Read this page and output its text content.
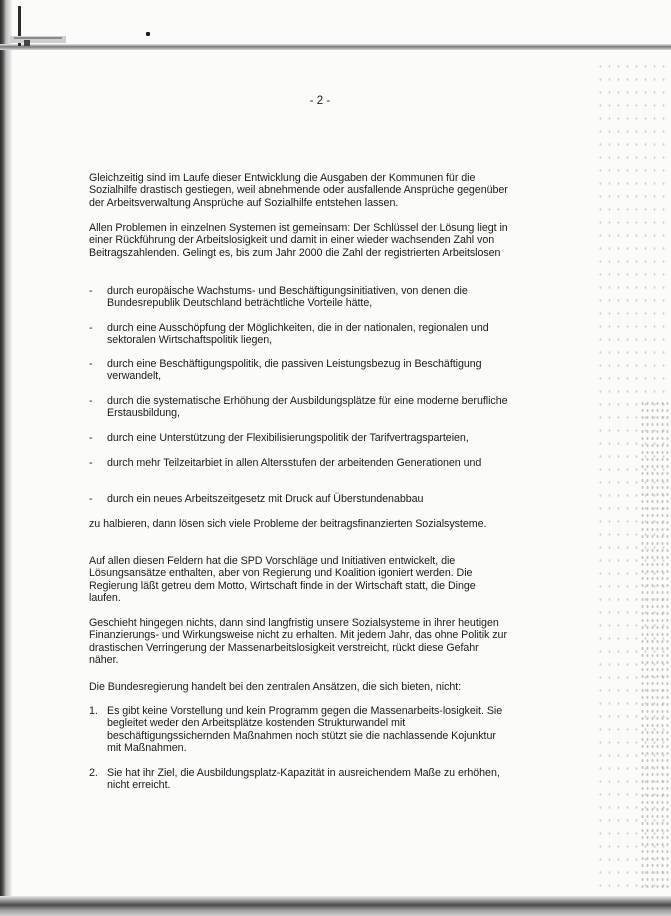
- 2 -

Gleichzeitig sind im Laufe dieser Entwicklung die Ausgaben der Kommunen für die Sozialhilfe drastisch gestiegen, weil abnehmende oder ausfallende Ansprüche gegenüber der Arbeitsverwaltung Ansprüche auf Sozialhilfe entstehen lassen.

Allen Problemen in einzelnen Systemen ist gemeinsam: Der Schlüssel der Lösung liegt in einer Rückführung der Arbeitslosigkeit und damit in einer wieder wachsenden Zahl von Beitragszahlenden. Gelingt es, bis zum Jahr 2000 die Zahl der registrierten Arbeitslosen

- durch europäische Wachstums- und Beschäftigungsinitiativen, von denen die Bundesrepublik Deutschland beträchtliche Vorteile hätte,
- durch eine Ausschöpfung der Möglichkeiten, die in der nationalen, regionalen und sektoralen Wirtschaftspolitik liegen,
- durch eine Beschäftigungspolitik, die passiven Leistungsbezug in Beschäftigung verwandelt,
- durch die systematische Erhöhung der Ausbildungsplätze für eine moderne berufliche Erstausbildung,
- durch eine Unterstützung der Flexibilisierungspolitik der Tarifvertragsparteien,
- durch mehr Teilzeitarbiet in allen Altersstufen der arbeitenden Generationen und
- durch ein neues Arbeitszeitgesetz mit Druck auf Überstundenabbau

zu halbieren, dann lösen sich viele Probleme der beitragsfinanzierten Sozialsysteme.

Auf allen diesen Feldern hat die SPD Vorschläge und Initiativen entwickelt, die Lösungsansätze enthalten, aber von Regierung und Koalition igoniert werden. Die Regierung läßt getreu dem Motto, Wirtschaft finde in der Wirtschaft statt, die Dinge laufen.

Geschieht hingegen nichts, dann sind langfristig unsere Sozialsysteme in ihrer heutigen Finanzierungs- und Wirkungsweise nicht zu erhalten. Mit jedem Jahr, das ohne Politik zur drastischen Verringerung der Massenarbeitslosigkeit verstreicht, rückt diese Gefahr näher.

Die Bundesregierung handelt bei den zentralen Ansätzen, die sich bieten, nicht:

1. Es gibt keine Vorstellung und kein Programm gegen die Massenarbeits-losigkeit. Sie begleitet weder den Arbeitsplätze kostenden Strukturwandel mit beschäftigungssichernden Maßnahmen noch stützt sie die nachlassende Kojunktur mit Maßnahmen.
2. Sie hat ihr Ziel, die Ausbildungsplatz-Kapazität in ausreichendem Maße zu erhöhen, nicht erreicht.
